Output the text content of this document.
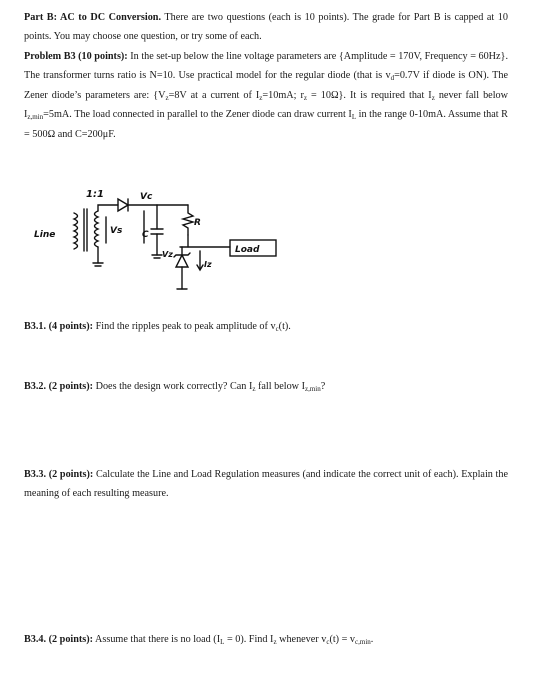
Part B: AC to DC Conversion. There are two questions (each is 10 points). The grade for Part B is capped at 10 points. You may choose one question, or try some of each.
Problem B3 (10 points): In the set-up below the line voltage parameters are {Amplitude = 170V, Frequency = 60Hz}. The transformer turns ratio is N=10. Use practical model for the regular diode (that is $v_d=0.7V$ if diode is ON). The Zener diode’s parameters are: {$V_z=8V$ at a current of $I_z=10mA$; $r_z = 10\Omega$}. It is required that $I_z$ never fall below $I_{z,min}=5mA$. The load connected in parallel to the Zener diode can draw current $I_L$ in the range 0-10mA. Assume that R = 500Ω and C=200μF.
1:1
Line	Vs
Vc
C
R
Vz
Iz
Load
B3.1. (4 points): Find the ripples peak to peak amplitude of $v_c(t)$.
B3.2. (2 points): Does the design work correctly? Can $I_z$ fall below $I_{z,min}$?
B3.3. (2 points): Calculate the Line and Load Regulation measures (and indicate the correct unit of each). Explain the meaning of each resulting measure.
B3.4. (2 points): Assume that there is no load $(I_L = 0)$. Find $I_z$ whenever $v_c(t) = v_{c,min}$.
